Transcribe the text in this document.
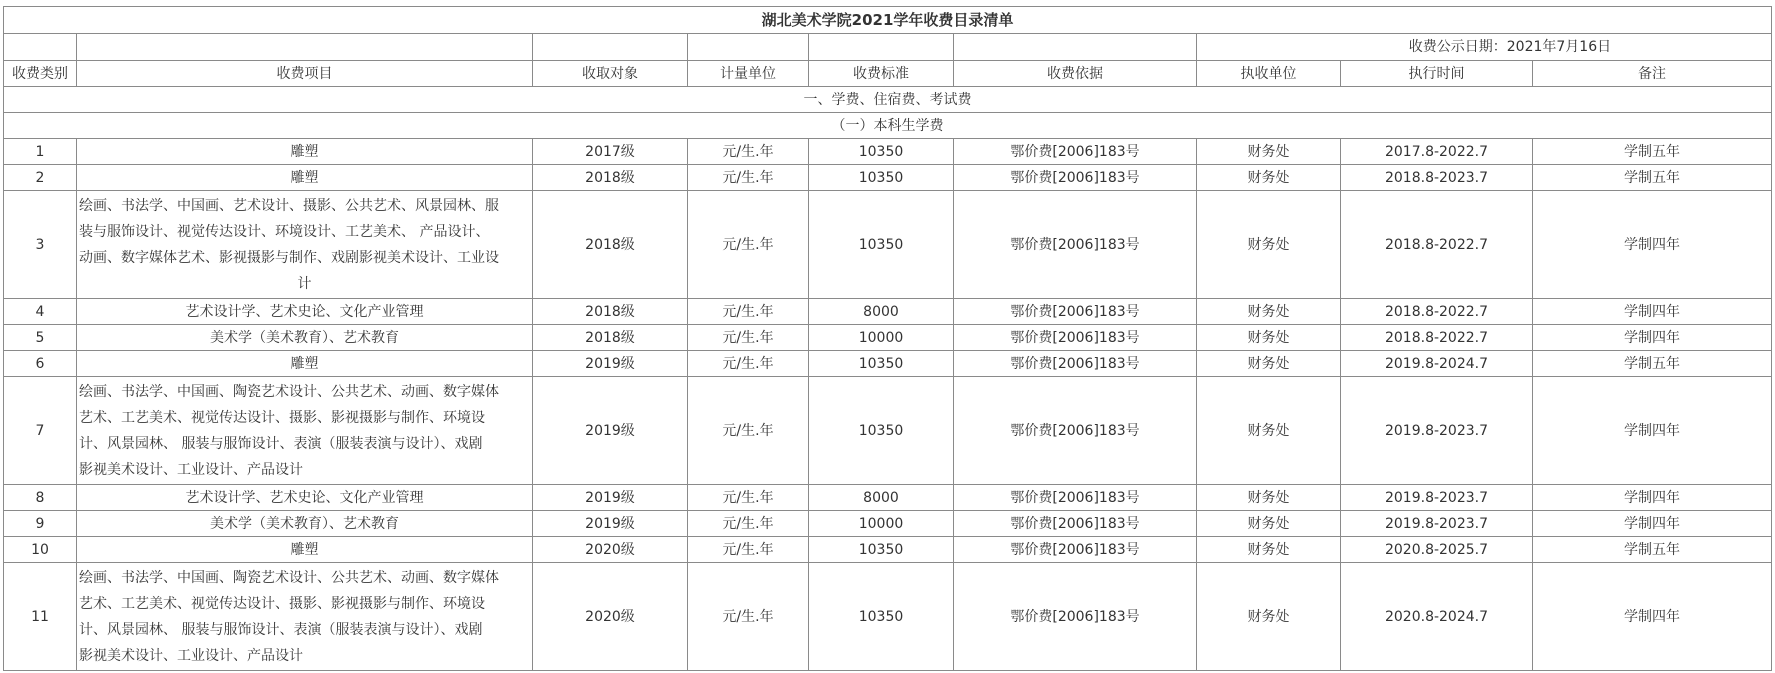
湖北美术学院2021学年收费目录清单								
						收费公示日期：2021年7月16日		
收费类别	收费项目	收取对象	计量单位	收费标准	收费依据	执收单位	执行时间	备注
一、学费、住宿费、考试费								
（一）本科生学费								
1	雕塑	2017级	元/生.年	10350	鄂价费[2006]183号	财务处	2017.8-2022.7	学制五年
2	雕塑	2018级	元/生.年	10350	鄂价费[2006]183号	财务处	2018.8-2023.7	学制五年
3	绘画、书法学、中国画、艺术设计、摄影、公共艺术、风景园林、服
装与服饰设计、视觉传达设计、环境设计、工艺美术、 产品设计、
动画、数字媒体艺术、影视摄影与制作、戏剧影视美术设计、工业设
计	2018级	元/生.年	10350	鄂价费[2006]183号	财务处	2018.8-2022.7	学制四年
4	艺术设计学、艺术史论、文化产业管理	2018级	元/生.年	8000	鄂价费[2006]183号	财务处	2018.8-2022.7	学制四年
5	美术学（美术教育）、艺术教育	2018级	元/生.年	10000	鄂价费[2006]183号	财务处	2018.8-2022.7	学制四年
6	雕塑	2019级	元/生.年	10350	鄂价费[2006]183号	财务处	2019.8-2024.7	学制五年
7	绘画、书法学、中国画、陶瓷艺术设计、公共艺术、动画、数字媒体
艺术、工艺美术、视觉传达设计、摄影、影视摄影与制作、环境设
计、风景园林、 服装与服饰设计、表演（服装表演与设计）、戏剧
影视美术设计、工业设计、产品设计	2019级	元/生.年	10350	鄂价费[2006]183号	财务处	2019.8-2023.7	学制四年
8	艺术设计学、艺术史论、文化产业管理	2019级	元/生.年	8000	鄂价费[2006]183号	财务处	2019.8-2023.7	学制四年
9	美术学（美术教育）、艺术教育	2019级	元/生.年	10000	鄂价费[2006]183号	财务处	2019.8-2023.7	学制四年
10	雕塑	2020级	元/生.年	10350	鄂价费[2006]183号	财务处	2020.8-2025.7	学制五年
11	绘画、书法学、中国画、陶瓷艺术设计、公共艺术、动画、数字媒体
艺术、工艺美术、视觉传达设计、摄影、影视摄影与制作、环境设
计、风景园林、 服装与服饰设计、表演（服装表演与设计）、戏剧
影视美术设计、工业设计、产品设计	2020级	元/生.年	10350	鄂价费[2006]183号	财务处	2020.8-2024.7	学制四年
